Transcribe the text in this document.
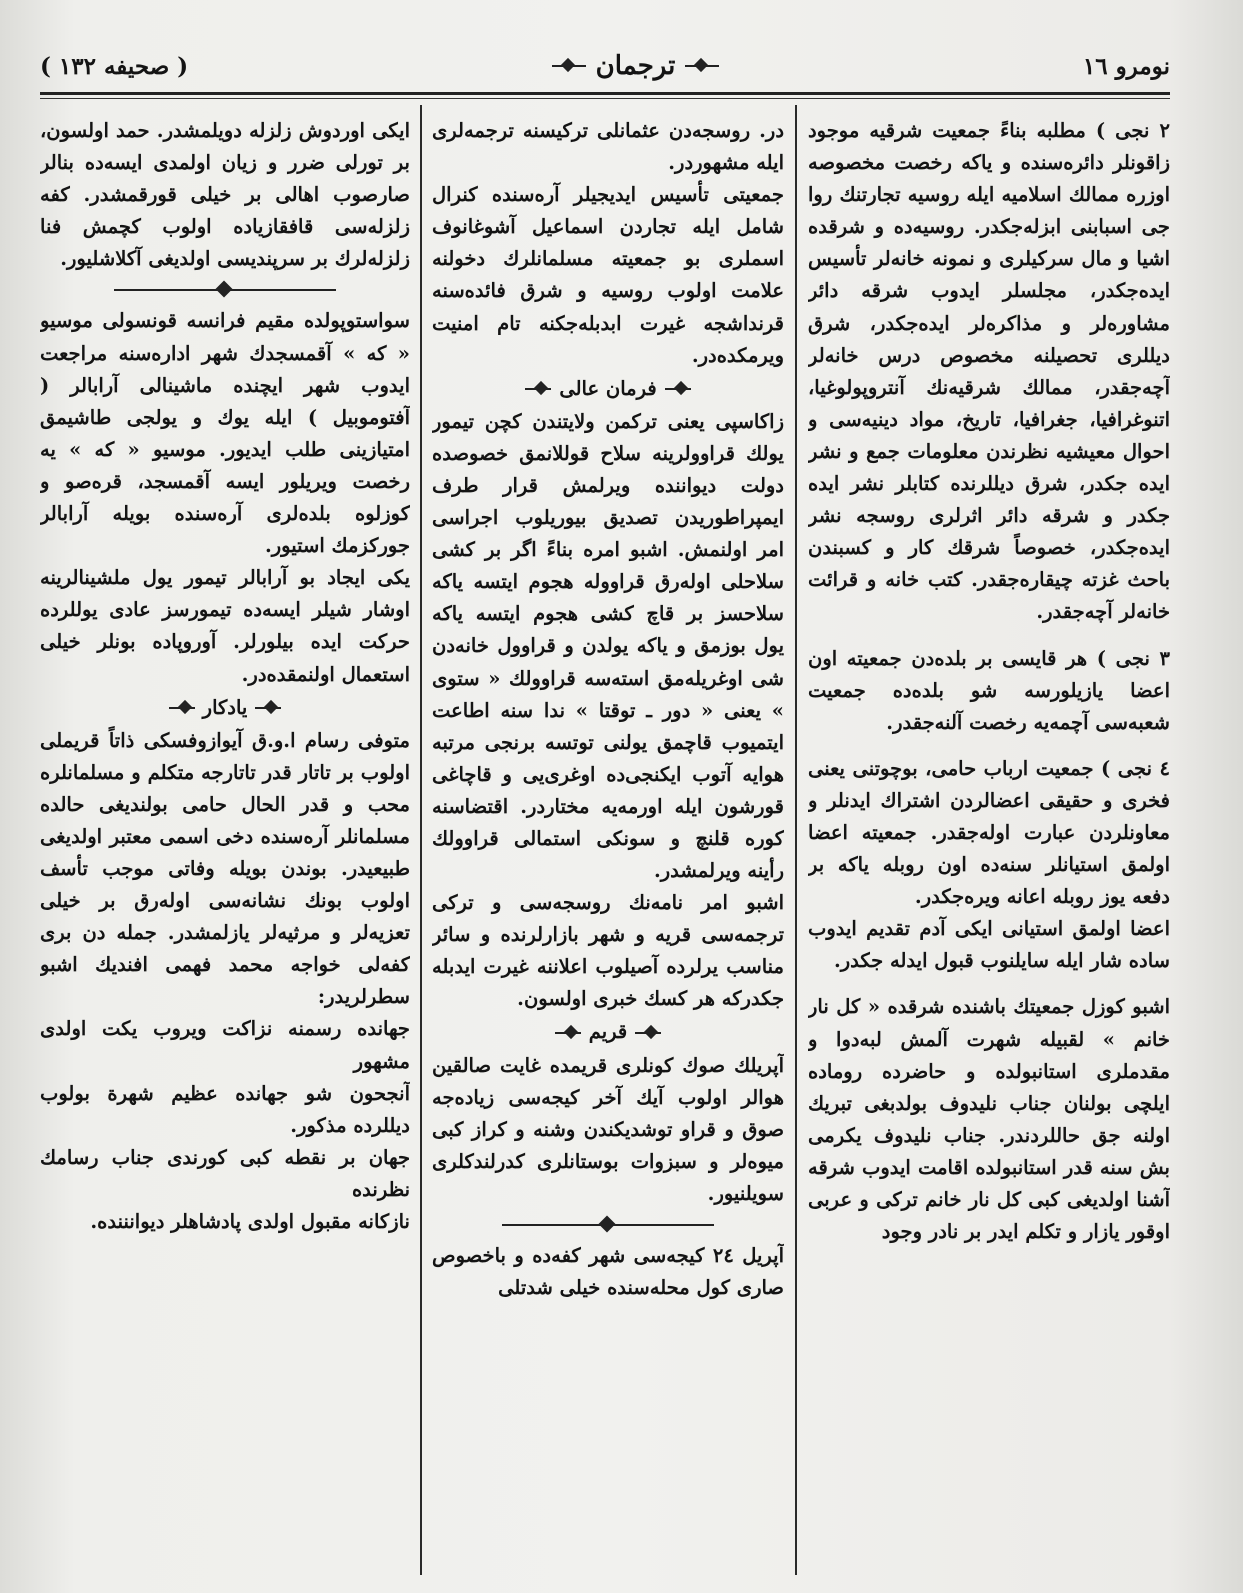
( صحيفه ١٣٢ )	ترجمان	نومرو ١٦

٢ نجى ) مطلبه بناءً جمعيت شرقيه موجود زاقونلر دائره‌سنده و ياكه رخصت مخصوصه اوزره ممالك اسلاميه ايله روسيه تجارتنك روا جى اسبابنى ابزله‌جكدر. روسيه‌ده و شرقده اشيا و مال سركيلرى و نمونه خانه‌لر تأسيس ايده‌جكدر، مجلسلر ايدوب شرقه دائر مشاوره‌لر و مذاكره‌لر ايده‌جكدر، شرق ديللرى تحصيلنه مخصوص درس خانه‌لر آچه‌جقدر، ممالك شرقيه‌نك آنتروپولوغيا، اتنوغرافيا، جغرافيا، تاريخ، مواد دينيه‌سى و احوال معيشيه نظرندن معلومات جمع و نشر ايده جكدر، شرق ديللرنده كتابلر نشر ايده جكدر و شرقه دائر اثرلرى روسجه نشر ايده‌جكدر، خصوصاً شرقك كار و كسبندن باحث غزته چيقاره‌جقدر. كتب خانه و قرائت خانه‌لر آچه‌جقدر.

٣ نجى ) هر قايسى بر بلده‌دن جمعيته اون اعضا يازيلورسه شو بلده‌ده جمعيت شعبه‌سى آچمه‌يه رخصت آلنه‌جقدر.

٤ نجى ) جمعيت ارباب حامى، بوچوتنى يعنى فخرى و حقيقى اعضالردن اشتراك ايدنلر و معاونلردن عبارت اوله‌جقدر. جمعيته اعضا اولمق استيانلر سنه‌ده اون روبله ياكه بر دفعه يوز روبله اعانه ويره‌جكدر.

اعضا اولمق استيانى ايكى آدم تقديم ايدوب ساده شار ايله سايلنوب قبول ايدله جكدر.

اشبو كوزل جمعيتك باشنده شرقده « كل نار خانم » لقبيله شهرت آلمش لبه‌دوا و مقدملرى استانبولده و حاضرده روماده ايلچى بولنان جناب نليدوف بولدبغى تبريك اولنه جق حاللردندر. جناب نليدوف يكرمى بش سنه قدر استانبولده اقامت ايدوب شرقه آشنا اولديغى كبى كل نار خانم تركى و عربى اوقور يازار و تكلم ايدر بر نادر وجود

در. روسجه‌دن عثمانلى تركيسنه ترجمه‌لرى ايله مشهوردر.

جمعيتى تأسيس ايديجيلر آره‌سنده كنرال شامل ايله تجاردن اسماعيل آشوغانوف اسملرى بو جمعيته مسلمانلرك دخولنه علامت اولوب روسيه و شرق فائده‌سنه قرنداشجه غيرت ابدبله‌جكنه تام امنيت ويرمكده‌در.

فرمان عالى

زاكاسپى يعنى تركمن ولايتندن كچن تيمور يولك قراوولرينه سلاح قوللانمق خصوصده دولت ديواننده ويرلمش قرار طرف ايمپراطوريدن تصديق بيوريلوب اجراسى امر اولنمش. اشبو امره بناءً اگر بر كشى سلاحلى اوله‌رق قراووله هجوم ايتسه ياكه سلاحسز بر قاچ كشى هجوم ايتسه ياكه يول بوزمق و ياكه يولدن و قراوول خانه‌دن شى اوغريله‌مق استه‌سه قراوولك « ستوى » يعنى « دور ـ توقتا » ندا سنه اطاعت ايتميوب قاچمق يولنى توتسه برنجى مرتبه هوايه آتوب ايكنجى‌ده اوغرى‌يى و قاچاغى قورشون ايله اورمه‌يه مختاردر. اقتضاسنه كوره قلنچ و سونكى استمالى قراوولك رأينه ويرلمشدر.

اشبو امر نامه‌نك روسجه‌سى و تركى ترجمه‌سى قريه و شهر بازارلرنده و سائر مناسب يرلرده آصيلوب اعلاننه غيرت ايدبله جكدركه هر كسك خبرى اولسون.

قريم

آپريلك صوك كونلرى قريمده غايت صالقين هوالر اولوب آيك آخر كيجه‌سى زياده‌جه صوق و قراو توشديكندن وشنه و كراز كبى ميوه‌لر و سبزوات بوستانلرى كدرلندكلرى سويلنيور.

آپريل ٢٤ كيجه‌سى شهر كفه‌ده و باخصوص صارى كول محله‌سنده خيلى شدتلى

ايكى اوردوش زلزله دويلمشدر. حمد اولسون، بر تورلى ضرر و زيان اولمدى ايسه‌ده بنالر صارصوب اهالى بر خيلى قورقمشدر. كفه زلزله‌سى قافقازياده اولوب كچمش فنا زلزله‌لرك بر سرپنديسى اولديغى آكلاشليور.

سواستوپولده مقيم فرانسه قونسولى موسيو « كه » آقمسجدك شهر اداره‌سنه مراجعت ايدوب شهر ايچنده ماشينالى آرابالر ( آفتوموبيل ) ايله يوك و يولجى طاشيمق امتيازينى طلب ايديور. موسيو « كه » يه رخصت ويريلور ايسه آقمسجد، قره‌صو و كوزلوه بلده‌لرى آره‌سنده بويله آرابالر جوركزمك استيور.

يكى ايجاد بو آرابالر تيمور يول ملشينالرينه اوشار شيلر ايسه‌ده تيمورسز عادى يوللرده حركت ايده بيلورلر. آوروپاده بونلر خيلى استعمال اولنمقده‌در.

يادكار

متوفى رسام ا.و.ق آيوازوفسكى ذاتاً قريملى اولوب بر تاتار قدر تاتارجه متكلم و مسلمانلره محب و قدر الحال حامى بولنديغى حالده مسلمانلر آره‌سنده دخى اسمى معتبر اولديغى طبيعيدر. بوندن بويله وفاتى موجب تأسف اولوب بونك نشانه‌سى اوله‌رق بر خيلى تعزيه‌لر و مرثيه‌لر يازلمشدر. جمله دن برى كفه‌لى خواجه محمد فهمى افنديك اشبو سطرلريدر:

جهانده رسمنه نزاكت ويروب يكت اولدى مشهور

آنجحون شو جهانده عظيم شهرة بولوب ديللرده مذكور.

جهان بر نقطه كبى كورندى جناب رسامك نظرنده

نازكانه مقبول اولدى پادشاهلر ديوانننده.
